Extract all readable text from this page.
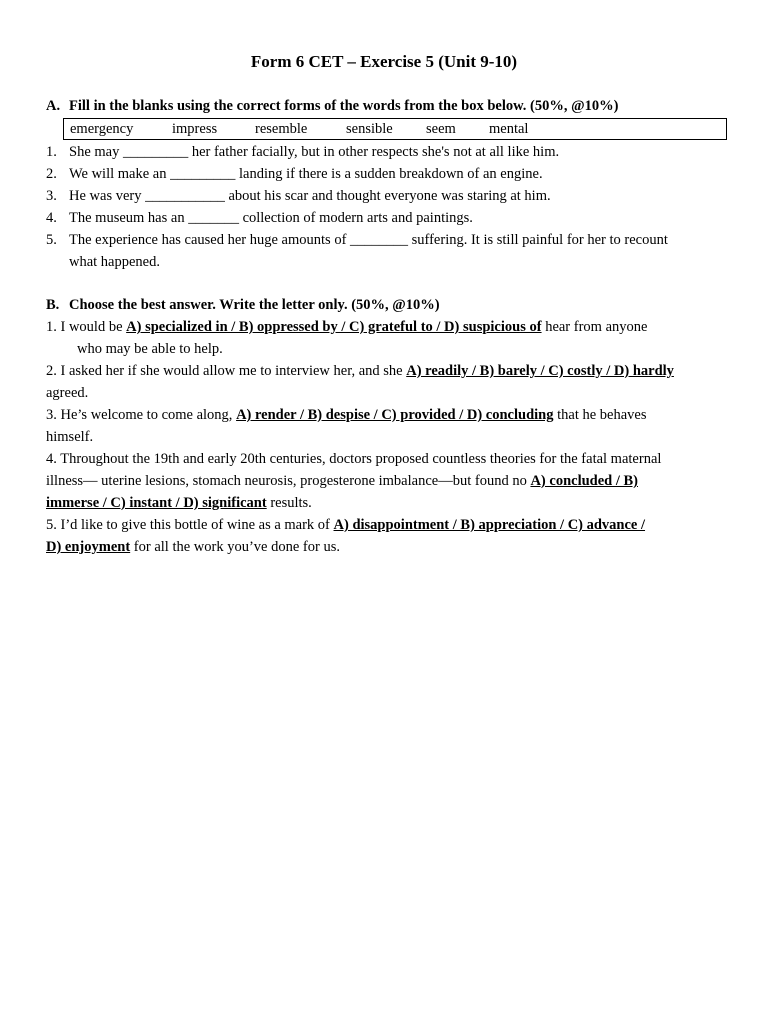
Form 6 CET – Exercise 5 (Unit 9-10)
A. Fill in the blanks using the correct forms of the words from the box below. (50%, @10%)
emergency	impress	resemble	sensible seem mental
1. She may _________ her father facially, but in other respects she's not at all like him.
2. We will make an _________ landing if there is a sudden breakdown of an engine.
3. He was very ___________ about his scar and thought everyone was staring at him.
4. The museum has an _______ collection of modern arts and paintings.
5. The experience has caused her huge amounts of ________ suffering. It is still painful for her to recount
what happened.
B. Choose the best answer. Write the letter only. (50%, @10%)
1. I would be A) specialized in / B) oppressed by / C) grateful to / D) suspicious of hear from anyone
who may be able to help.
2. I asked her if she would allow me to interview her, and she A) readily / B) barely / C) costly / D) hardly
agreed.
3. He’s welcome to come along, A) render / B) despise / C) provided / D) concluding that he behaves
himself.
4. Throughout the 19th and early 20th centuries, doctors proposed countless theories for the fatal maternal
illness— uterine lesions, stomach neurosis, progesterone imbalance—but found no A) concluded / B)
immerse / C) instant / D) significant results.
5. I’d like to give this bottle of wine as a mark of A) disappointment / B) appreciation / C) advance /
D) enjoyment for all the work you’ve done for us.
